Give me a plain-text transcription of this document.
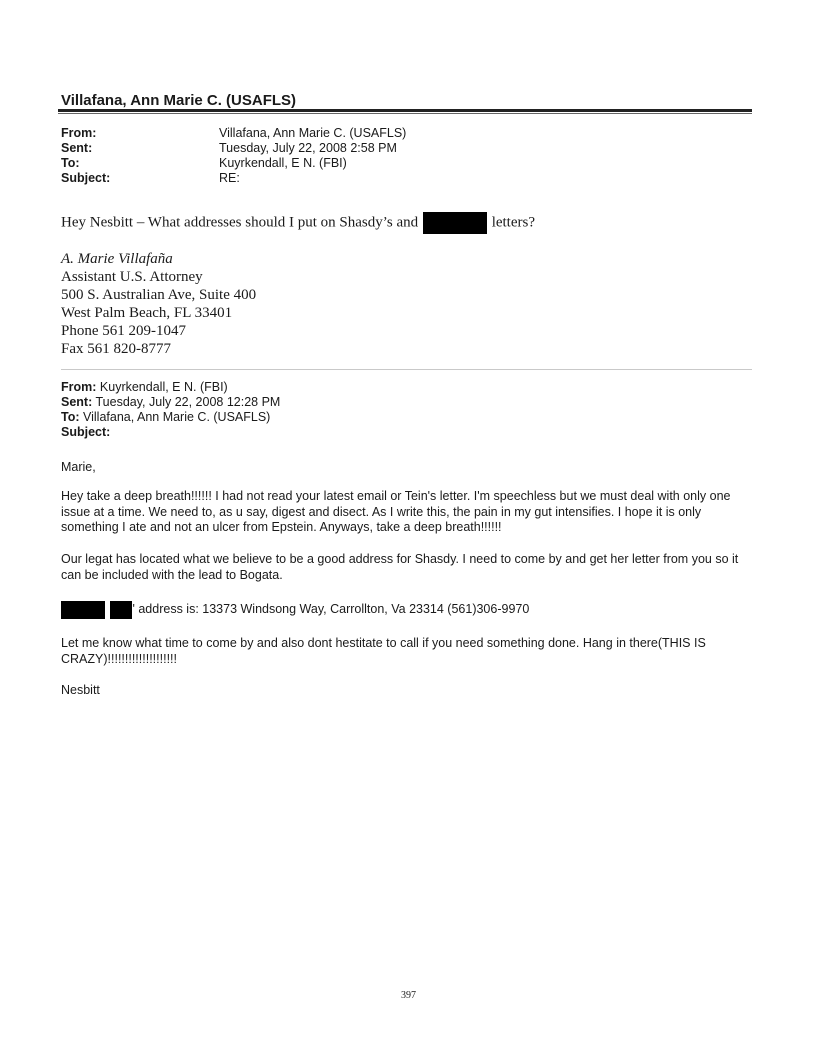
Villafana, Ann Marie C. (USAFLS)
From:	Villafana, Ann Marie C. (USAFLS)
Sent:	Tuesday, July 22, 2008 2:58 PM
To:	Kuyrkendall, E N. (FBI)
Subject:	RE:
Hey Nesbitt – What addresses should I put on Shasdy’s and	letters?
A. Marie Villafaña
Assistant U.S. Attorney
500 S. Australian Ave, Suite 400
West Palm Beach, FL 33401
Phone 561 209-1047
Fax 561 820-8777
From: Kuyrkendall, E N. (FBI)
Sent: Tuesday, July 22, 2008 12:28 PM
To: Villafana, Ann Marie C. (USAFLS)
Subject:
Marie,
Hey take a deep breath!!!!!! I had not read your latest email or Tein's letter. I'm speechless but we must deal with only one issue at a time. We need to, as u say, digest and disect. As I write this, the pain in my gut intensifies. I hope it is only something I ate and not an ulcer from Epstein. Anyways, take a deep breath!!!!!!
Our legat has located what we believe to be a good address for Shasdy. I need to come by and get her letter from you so it can be included with the lead to Bogata.
' address is: 13373 Windsong Way, Carrollton, Va 23314 (561)306-9970
Let me know what time to come by and also dont hestitate to call if you need something done. Hang in there(THIS IS CRAZY)!!!!!!!!!!!!!!!!!!!!
Nesbitt
397
